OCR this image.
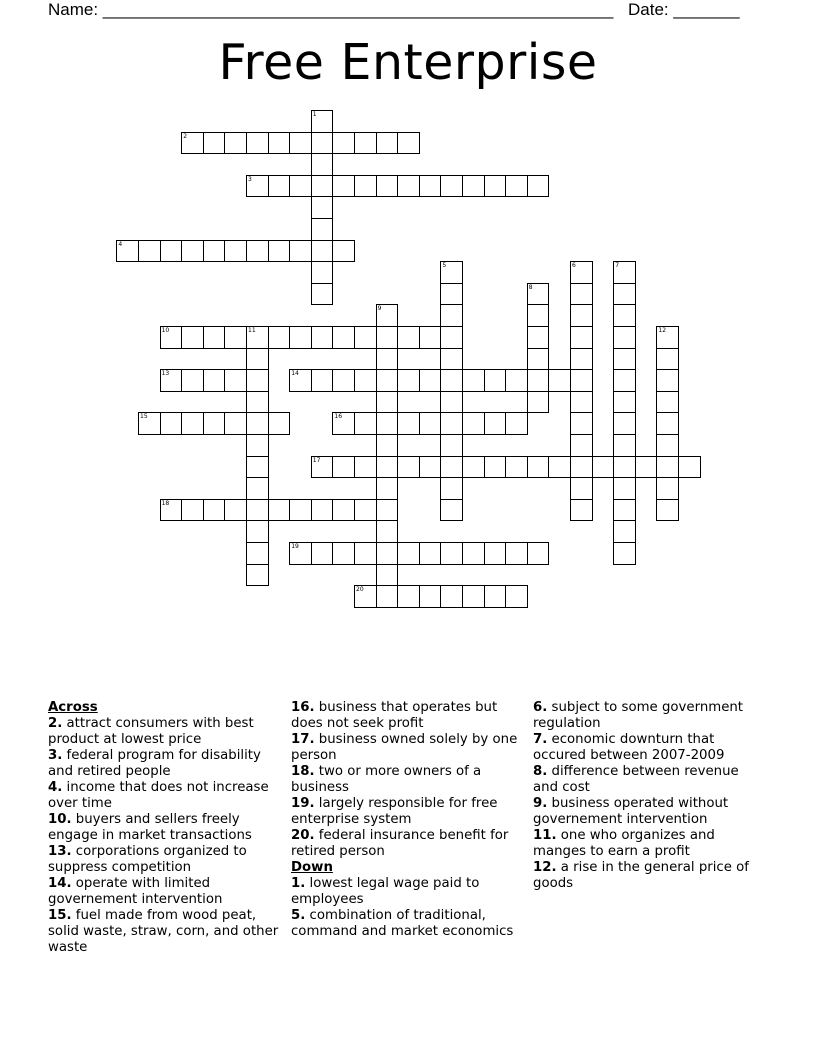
Name: ______________________________________________________ Date: _______
Free Enterprise
1
2
3
4
5	6	7
8
9
10	11	12
13	14
15	16
17
18
19
20
Across
2. attract consumers with best product at lowest price
3. federal program for disability and retired people
4. income that does not increase over time
10. buyers and sellers freely engage in market transactions
13. corporations organized to suppress competition
14. operate with limited governement intervention
15. fuel made from wood peat, solid waste, straw, corn, and other waste
16. business that operates but does not seek profit
17. business owned solely by one person
18. two or more owners of a business
19. largely responsible for free enterprise system
20. federal insurance benefit for retired person
Down
1. lowest legal wage paid to employees
5. combination of traditional, command and market economics
6. subject to some government regulation
7. economic downturn that occured between 2007-2009
8. difference between revenue and cost
9. business operated without governement intervention
11. one who organizes and manges to earn a profit
12. a rise in the general price of goods
